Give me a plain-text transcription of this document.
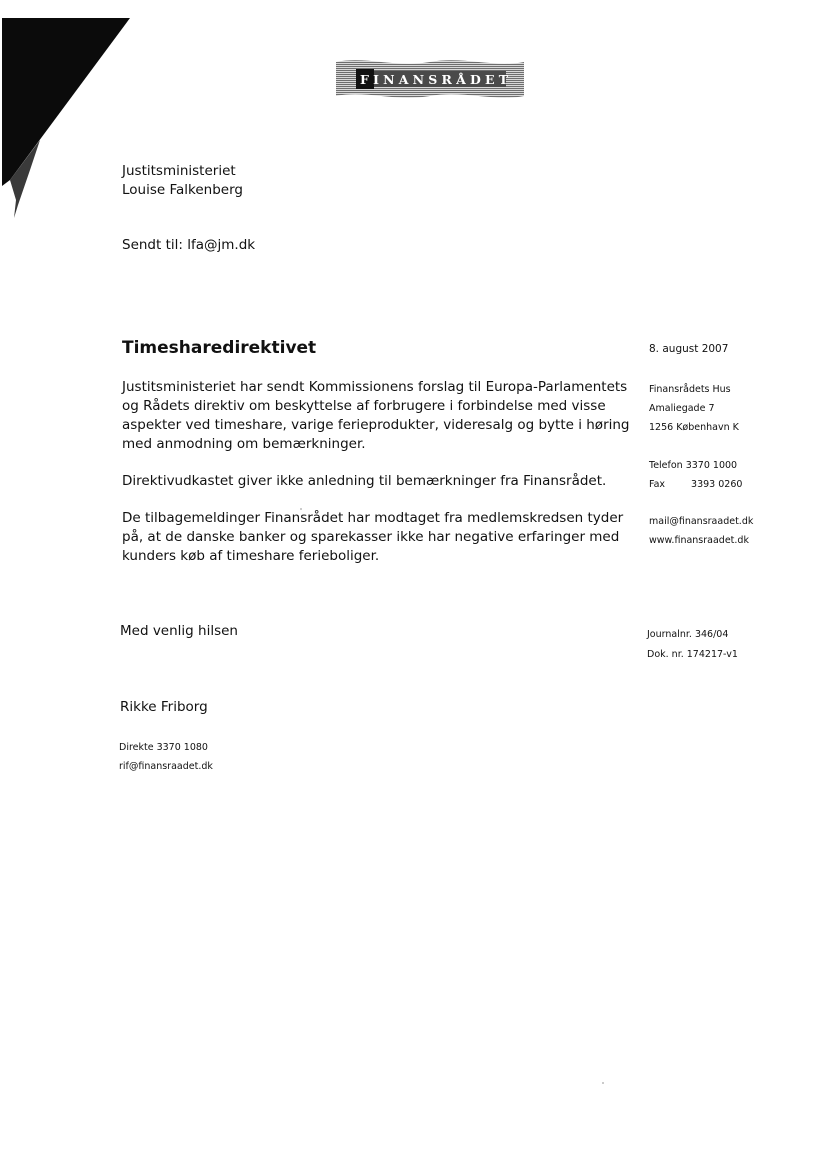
FINANSRÅDET
Justitsministeriet
Louise Falkenberg
Sendt til: lfa@jm.dk
Timesharedirektivet
Justitsministeriet har sendt Kommissionens forslag til Europa-Parlamentets
og Rådets direktiv om beskyttelse af forbrugere i forbindelse med visse
aspekter ved timeshare, varige ferieprodukter, videresalg og bytte i høring
med anmodning om bemærkninger.
Direktivudkastet giver ikke anledning til bemærkninger fra Finansrådet.
De tilbagemeldinger Finansrådet har modtaget fra medlemskredsen tyder
på, at de danske banker og sparekasser ikke har negative erfaringer med
kunders køb af timeshare ferieboliger.
Med venlig hilsen
Rikke Friborg
Direkte 3370 1080
rif@finansraadet.dk
8. august 2007
Finansrådets Hus
Amaliegade 7
1256 København K
Telefon 3370 1000
Fax	3393 0260
mail@finansraadet.dk
www.finansraadet.dk
Journalnr. 346/04
Dok. nr. 174217-v1
